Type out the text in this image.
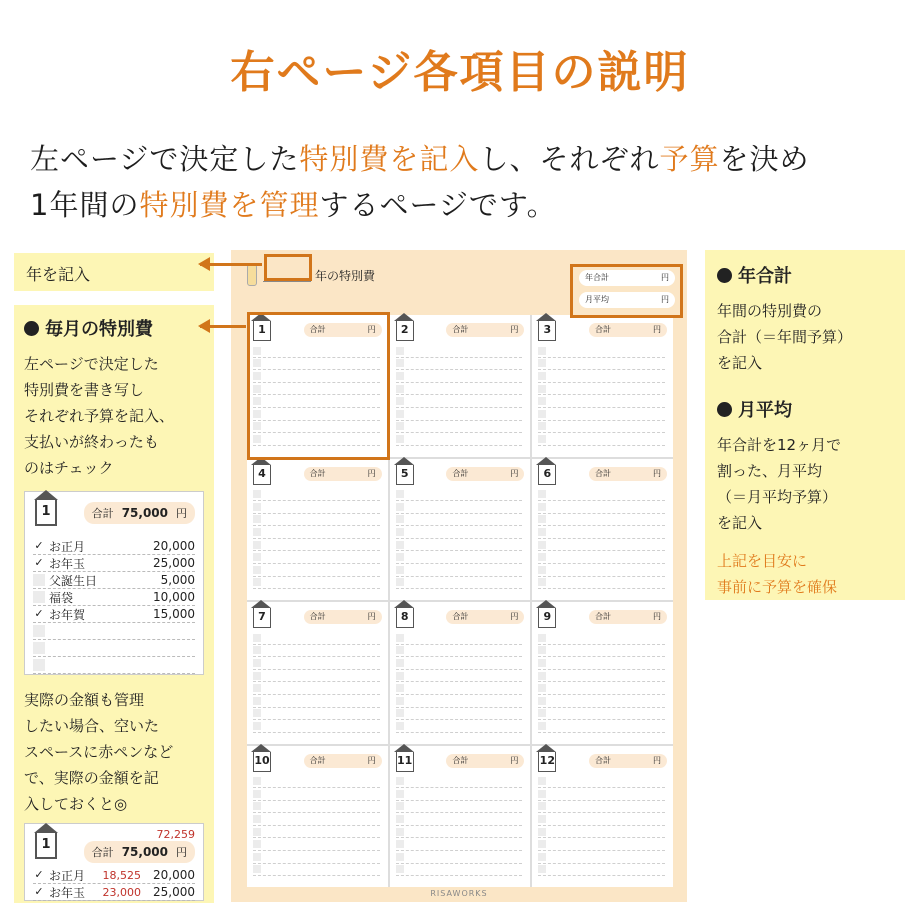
右ページ各項目の説明
左ページで決定した特別費を記入し、それぞれ予算を決め
1年間の特別費を管理するページです。
年を記入
毎月の特別費
左ページで決定した
特別費を書き写し
それぞれ予算を記入、
支払いが終わったも
のはチェック
1	合計 75,000 円
✓ お正月	20,000
✓ お年玉	25,000
父誕生日	5,000
福袋	10,000
✓ お年賀	15,000
実際の金額も管理
したい場合、空いた
スペースに赤ペンなど
で、実際の金額を記
入しておくと◎
1
72,259
合計 75,000 円
✓ お正月 18,525 20,000
✓ お年玉 23,000 25,000
年合計
年間の特別費の
合計（＝年間予算）
を記入
月平均
年合計を12ヶ月で
割った、月平均
（＝月平均予算）
を記入
上記を目安に
事前に予算を確保
年の特別費	年合計	円
月平均	円
1	合計	円	2	合計	円	3	合計	円
4	合計	円	5	合計	円	6	合計	円
7	合計	円	8	合計	円	9	合計	円
10	合計	円 11	合計	円 12	合計	円
RISAWORKS
